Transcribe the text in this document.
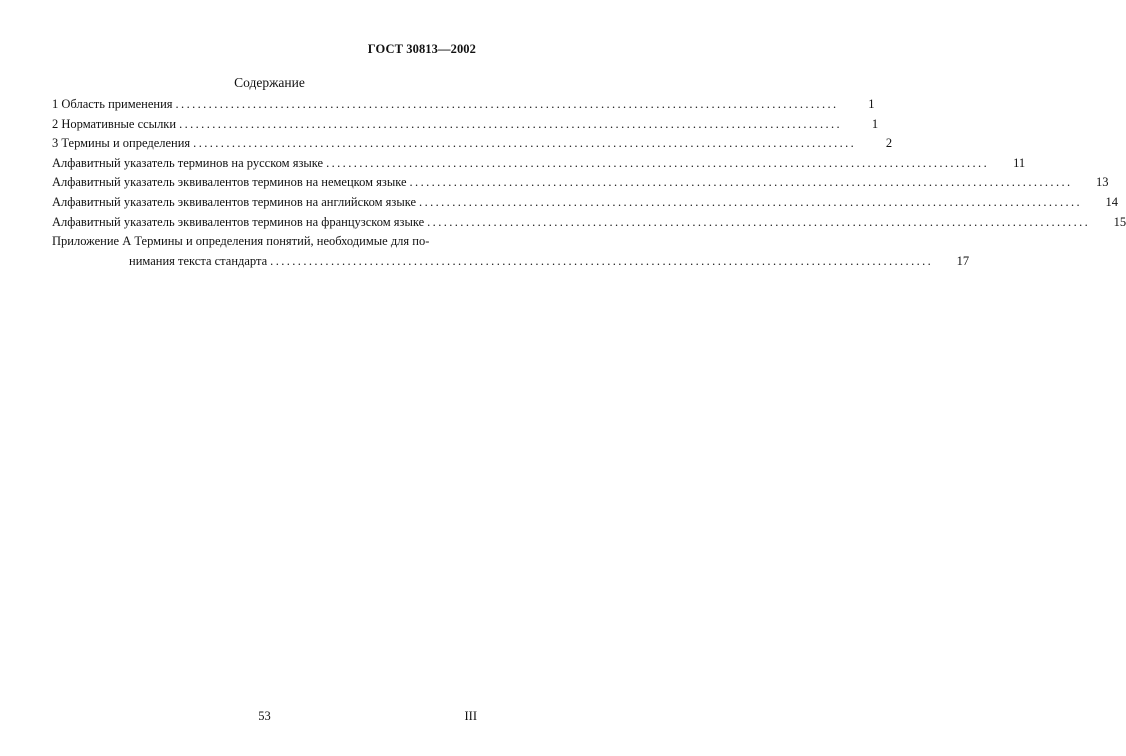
ГОСТ 30813—2002
Содержание
1 Область применения ........................................................................................................................	1
2 Нормативные ссылки ........................................................................................................................	1
3 Термины и определения ........................................................................................................................	2
Алфавитный указатель терминов на русском языке ........................................................................................................................	11
Алфавитный указатель эквивалентов терминов на немецком языке ........................................................................................................................	13
Алфавитный указатель эквивалентов терминов на английском языке ........................................................................................................................	14
Алфавитный указатель эквивалентов терминов на французском языке ........................................................................................................................	15
Приложение А Термины и определения понятий, необходимые для по-
нимания текста стандарта ........................................................................................................................	17
53	III
